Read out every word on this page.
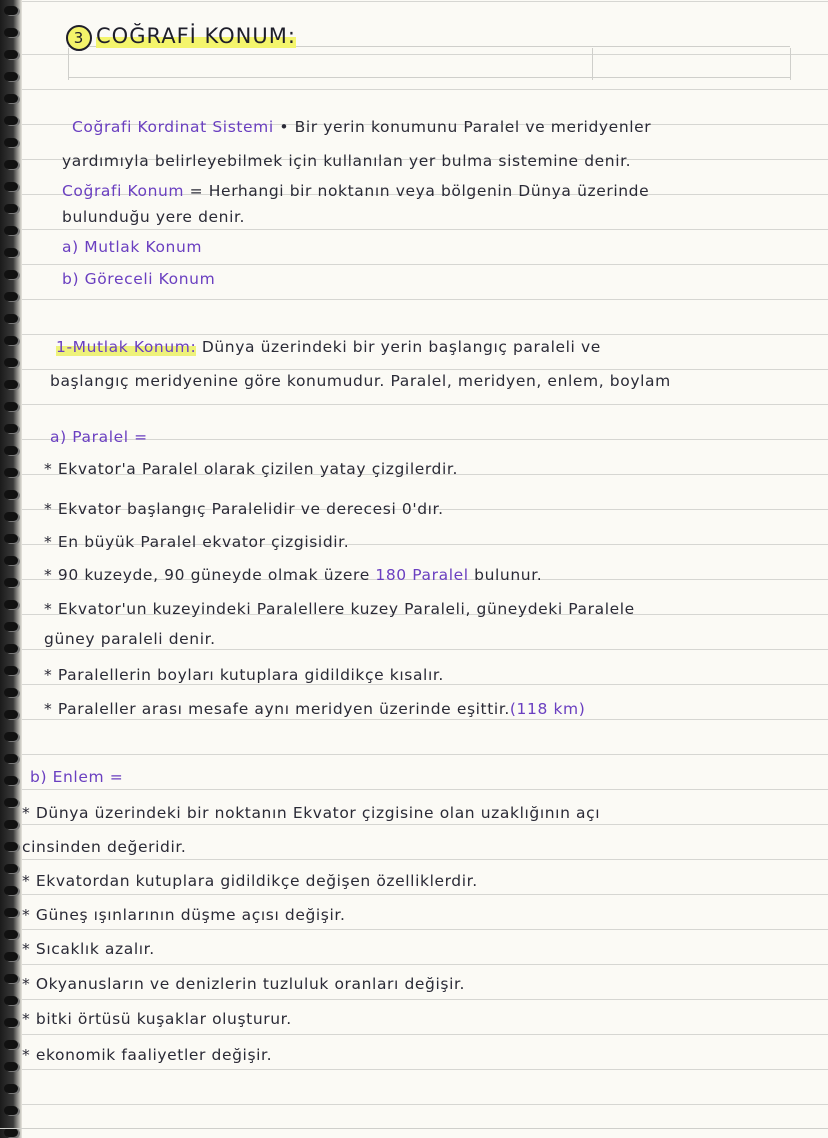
3 COĞRAFİ KONUM:
Coğrafi Kordinat Sistemi • Bir yerin konumunu Paralel ve meridyenler
yardımıyla belirleyebilmek için kullanılan yer bulma sistemine denir.
Coğrafi Konum = Herhangi bir noktanın veya bölgenin Dünya üzerinde
bulunduğu yere denir.
a) Mutlak Konum
b) Göreceli Konum
1-Mutlak Konum: Dünya üzerindeki bir yerin başlangıç paraleli ve
başlangıç meridyenine göre konumudur. Paralel, meridyen, enlem, boylam
a) Paralel =
* Ekvator'a Paralel olarak çizilen yatay çizgilerdir.
* Ekvator başlangıç Paralelidir ve derecesi 0'dır.
* En büyük Paralel ekvator çizgisidir.
* 90 kuzeyde, 90 güneyde olmak üzere 180 Paralel bulunur.
* Ekvator'un kuzeyindeki Paralellere kuzey Paraleli, güneydeki Paralele
güney paraleli denir.
* Paralellerin boyları kutuplara gidildikçe kısalır.
* Paraleller arası mesafe aynı meridyen üzerinde eşittir.(118 km)
b) Enlem =
* Dünya üzerindeki bir noktanın Ekvator çizgisine olan uzaklığının açı
cinsinden değeridir.
* Ekvatordan kutuplara gidildikçe değişen özelliklerdir.
* Güneş ışınlarının düşme açısı değişir.
* Sıcaklık azalır.
* Okyanusların ve denizlerin tuzluluk oranları değişir.
* bitki örtüsü kuşaklar oluşturur.
* ekonomik faaliyetler değişir.
